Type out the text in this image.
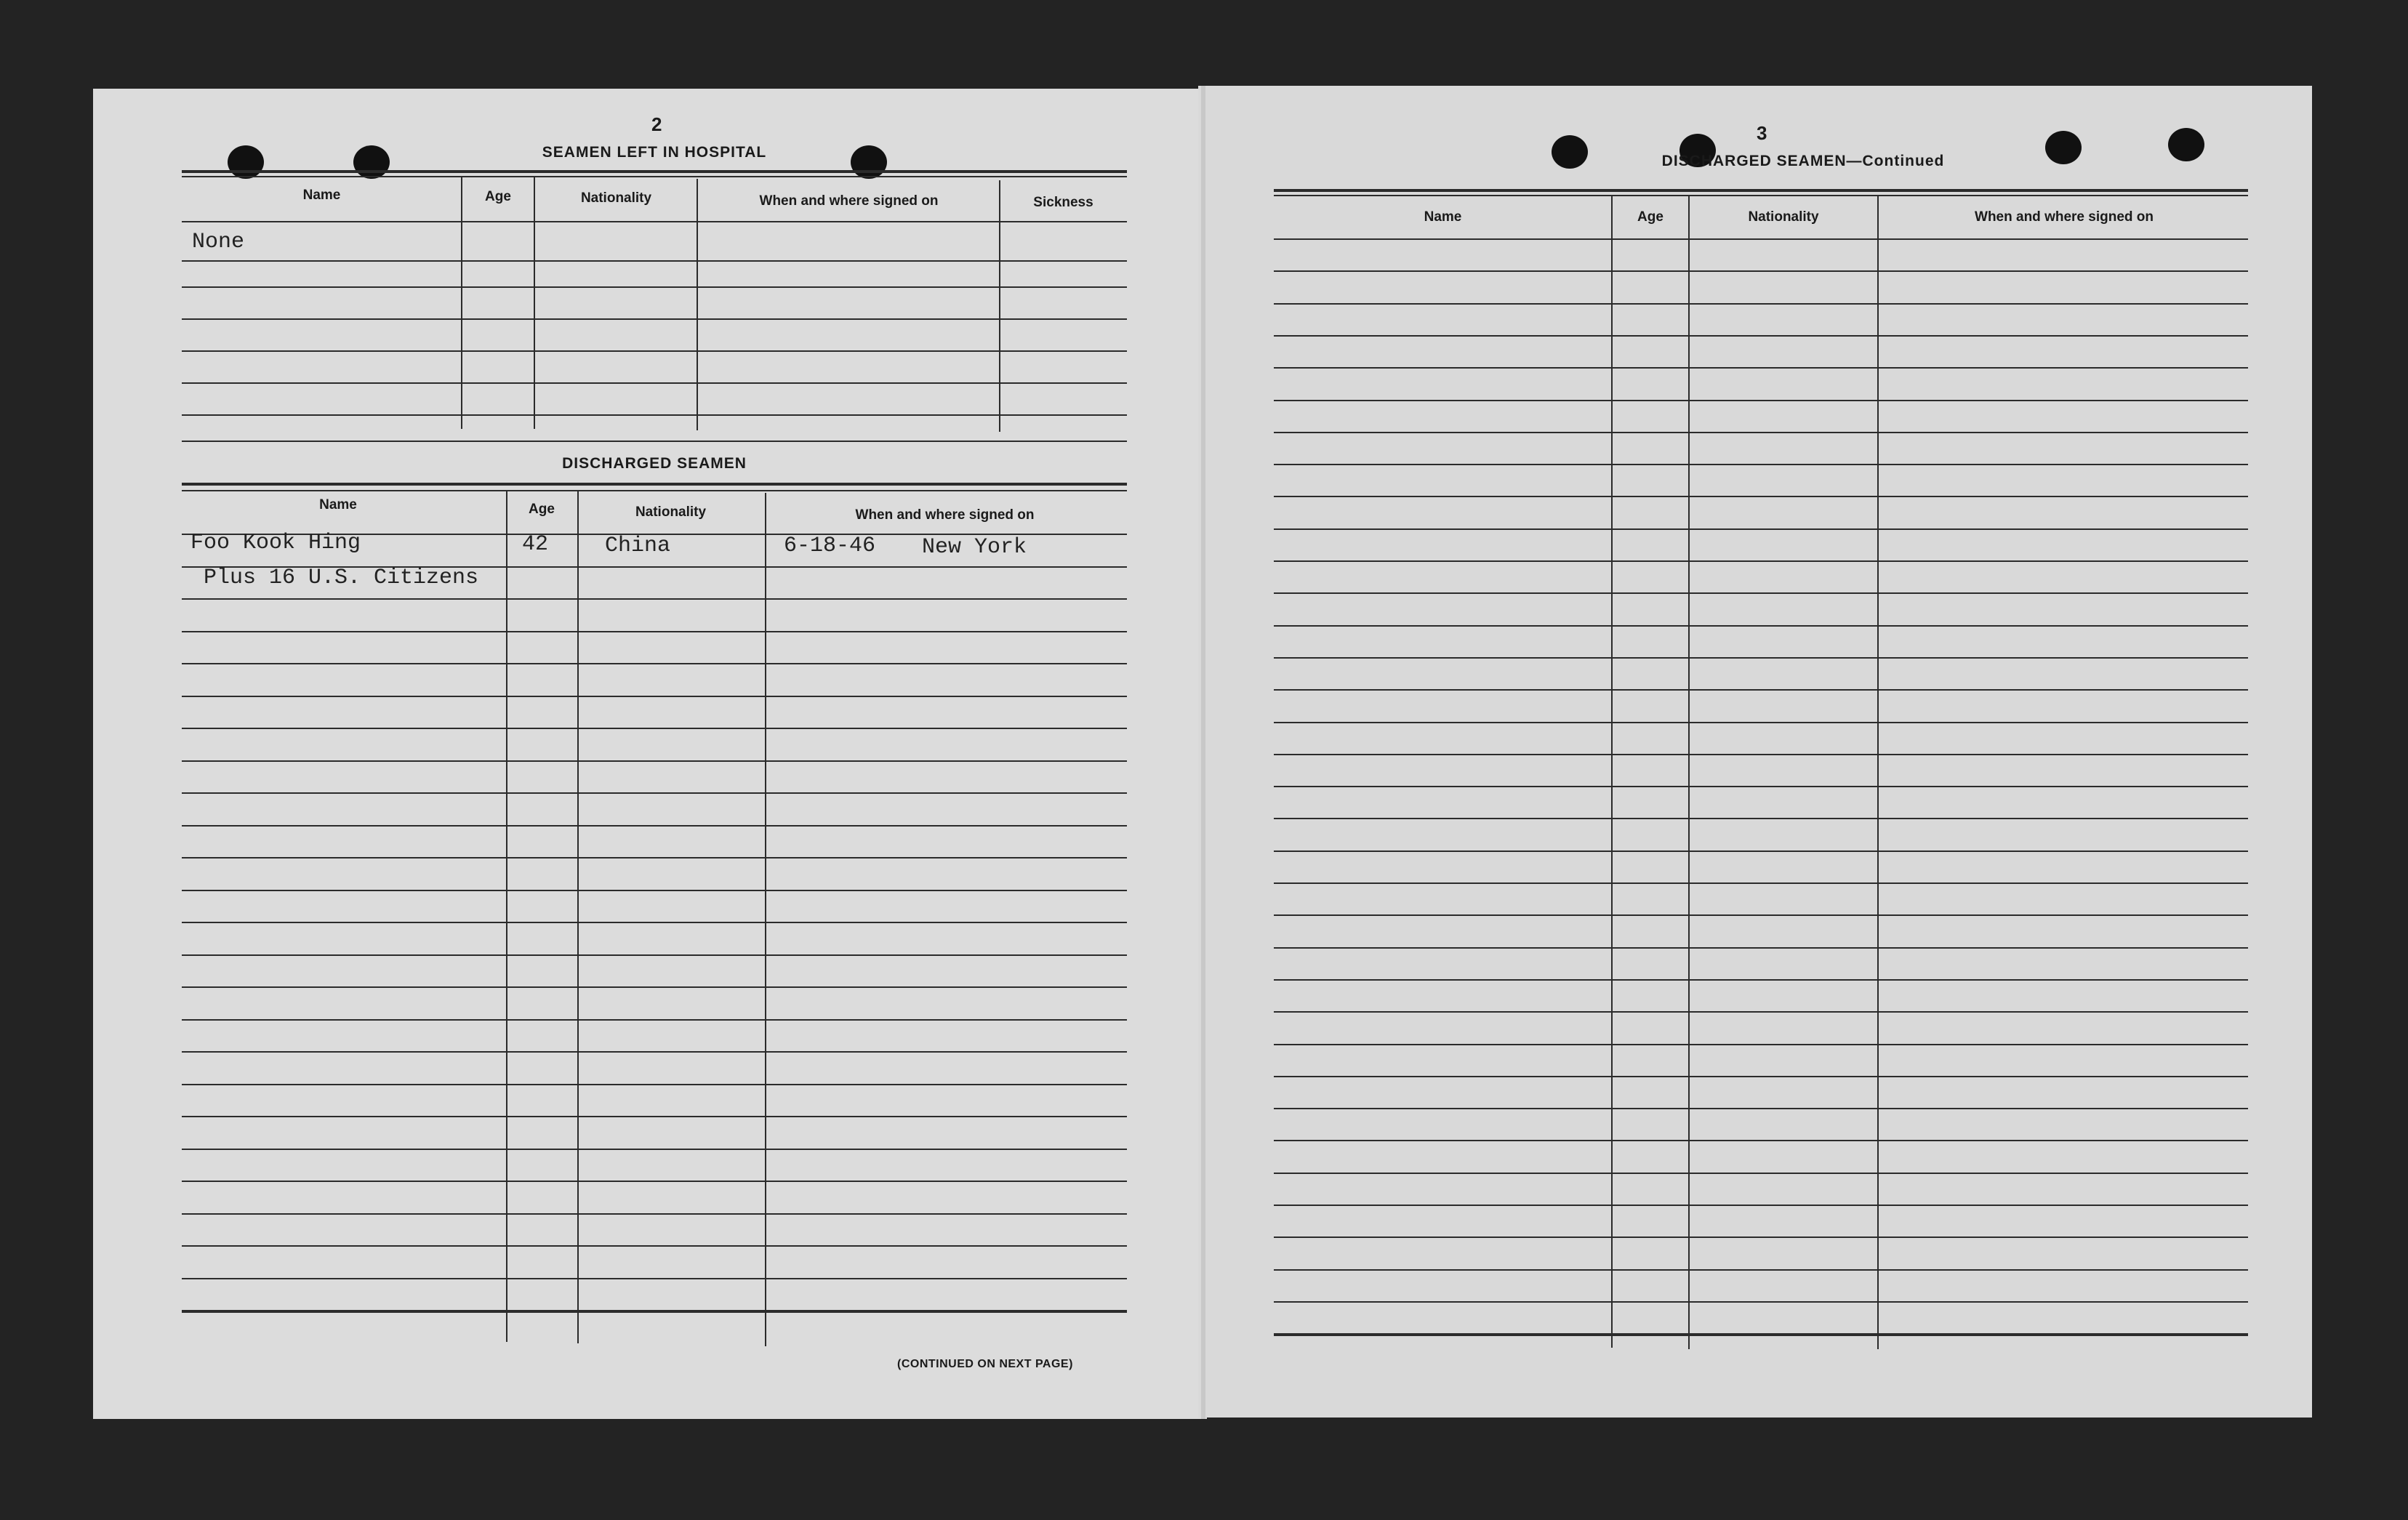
2
SEAMEN LEFT IN HOSPITAL
Name	Age	Nationality	When and where signed on	Sickness
None
DISCHARGED SEAMEN
Name	Age	Nationality	When and where signed on
Foo Kook Hing	42	China	6-18-46 New York
Plus 16 U.S. Citizens
(CONTINUED ON NEXT PAGE)
3
DISCHARGED SEAMEN—Continued
Name	Age	Nationality	When and where signed on
